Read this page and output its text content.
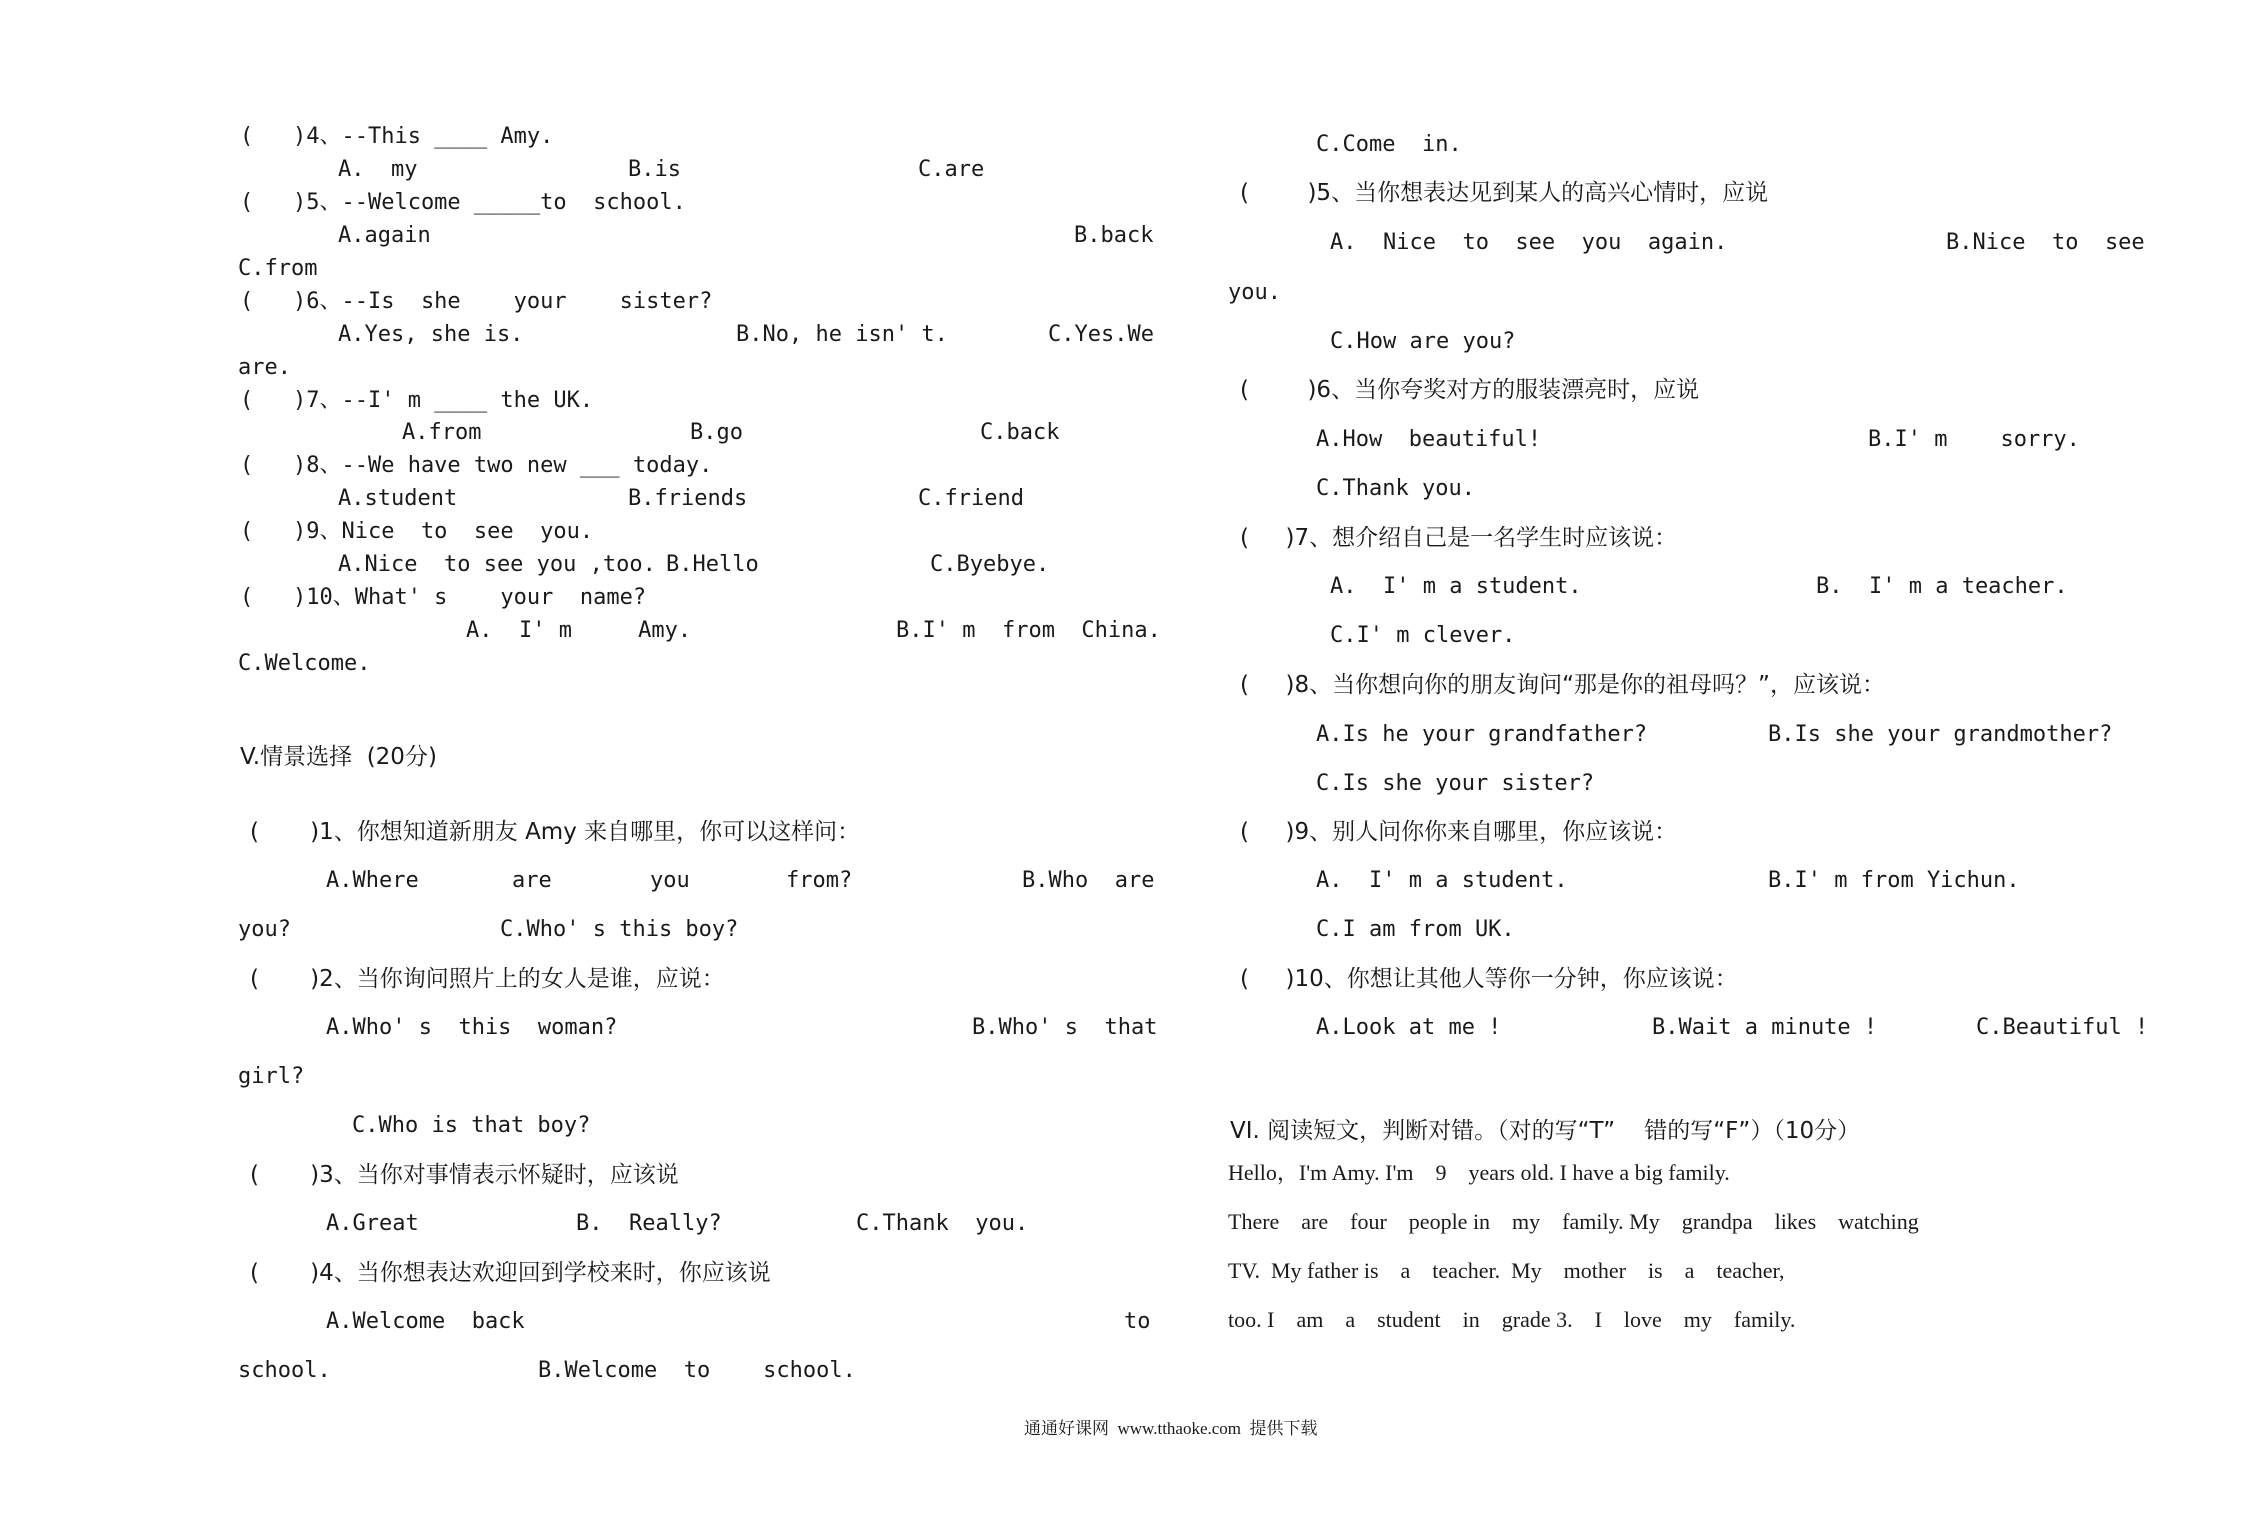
(   )4、--This ____ Amy.
A.  my	B.is	C.are
(   )5、--Welcome _____to  school.
A.again	B.back
C.from
(   )6、--Is  she    your    sister?
A.Yes, she is.	B.No, he isn' t.	C.Yes.We
are.
(   )7、--I' m ____ the UK.
A.from	B.go	C.back
(   )8、--We have two new ___ today.
A.student	B.friends	C.friend
(   )9、Nice  to  see  you.
A.Nice  to see you ,too. B.Hello	C.Byebye.
(   )10、What' s    your  name?
A.  I' m     Amy.	B.I' m  from  China.
C.Welcome.
V.情景选择  (20分)
(       )1、你想知道新朋友 Amy 来自哪里，你可以这样问：
A.Where	are	you	from?	B.Who  are
you?	C.Who' s this boy?
(       )2、当你询问照片上的女人是谁，应说：
A.Who' s  this  woman?	B.Who' s  that
girl?
C.Who is that boy?
(       )3、当你对事情表示怀疑时，应该说
A.Great	B.  Really?	C.Thank  you.
(       )4、当你想表达欢迎回到学校来时，你应该说
A.Welcome  back	to
school.	B.Welcome  to    school.
C.Come  in.
(        )5、当你想表达见到某人的高兴心情时，应说
A.  Nice  to  see  you  again.	B.Nice  to  see
you.
C.How are you?
(        )6、当你夸奖对方的服装漂亮时，应说
A.How  beautiful!	B.I' m    sorry.
C.Thank you.
(     )7、想介绍自己是一名学生时应该说：
A.  I' m a student.	B.  I' m a teacher.
C.I' m clever.
(     )8、当你想向你的朋友询问“那是你的祖母吗？”，应该说：
A.Is he your grandfather?	B.Is she your grandmother?
C.Is she your sister?
(     )9、别人问你你来自哪里，你应该说：
A.  I' m a student.	B.I' m from Yichun.
C.I am from UK.
(     )10、你想让其他人等你一分钟，你应该说：
A.Look at me !	B.Wait a minute !	C.Beautiful !
VI. 阅读短文，判断对错。（对的写“T”    错的写“F”）（10分）
Hello，I'm Amy. I'm    9    years old. I have a big family.
There    are    four    people in    my    family. My    grandpa    likes    watching
TV.  My father is    a    teacher.  My    mother    is    a    teacher,
too. I    am    a    student    in    grade 3.    I    love    my    family.
通通好课网  www.tthaoke.com  提供下载
